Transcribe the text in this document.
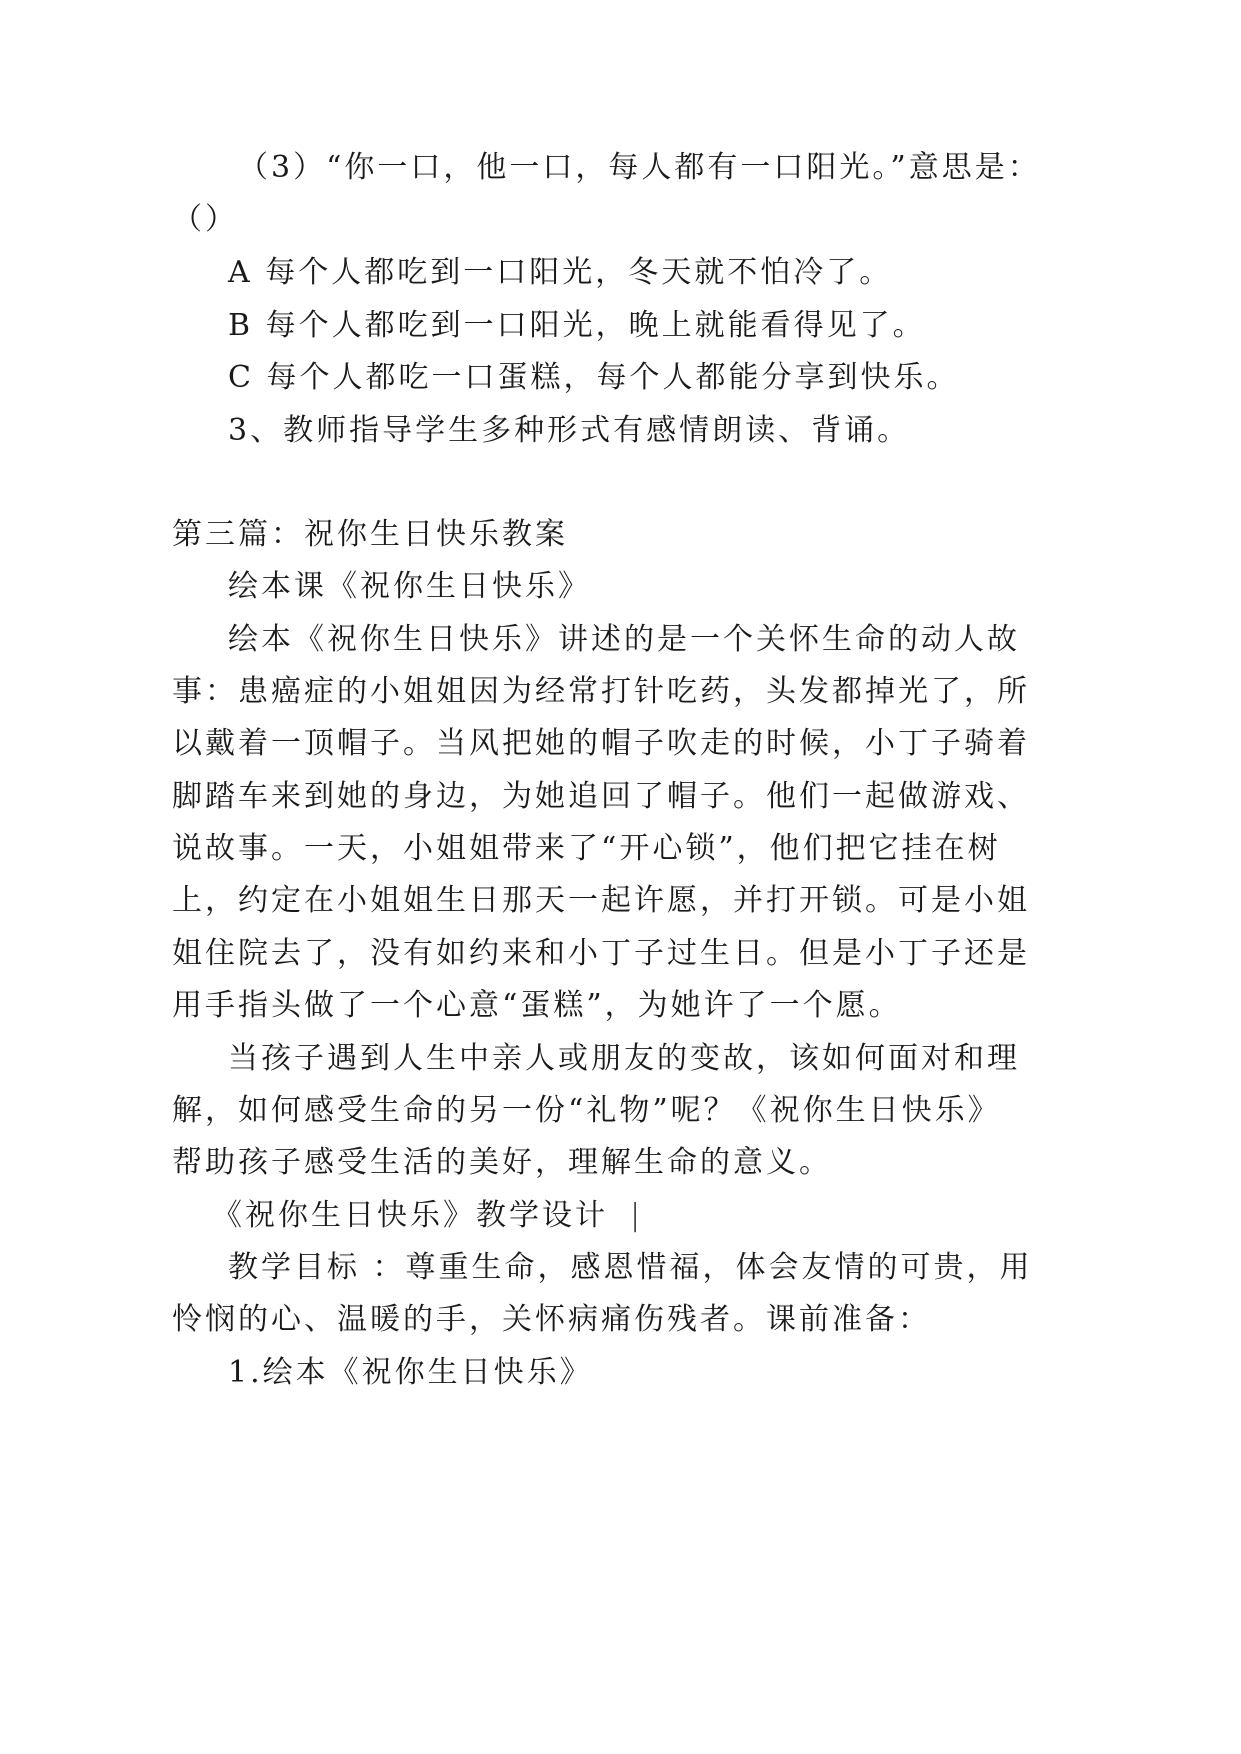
（3）“你一口，他一口，每人都有一口阳光。”意思是：
（）
A 每个人都吃到一口阳光，冬天就不怕冷了。
B 每个人都吃到一口阳光，晚上就能看得见了。
C 每个人都吃一口蛋糕，每个人都能分享到快乐。
3、教师指导学生多种形式有感情朗读、背诵。
第三篇：祝你生日快乐教案
绘本课《祝你生日快乐》
绘本《祝你生日快乐》讲述的是一个关怀生命的动人故
事：患癌症的小姐姐因为经常打针吃药，头发都掉光了，所
以戴着一顶帽子。当风把她的帽子吹走的时候，小丁子骑着
脚踏车来到她的身边，为她追回了帽子。他们一起做游戏、
说故事。一天，小姐姐带来了“开心锁”，他们把它挂在树
上，约定在小姐姐生日那天一起许愿，并打开锁。可是小姐
姐住院去了，没有如约来和小丁子过生日。但是小丁子还是
用手指头做了一个心意“蛋糕”，为她许了一个愿。
当孩子遇到人生中亲人或朋友的变故，该如何面对和理
解，如何感受生命的另一份“礼物”呢？《祝你生日快乐》
帮助孩子感受生活的美好，理解生命的意义。
《祝你生日快乐》教学设计 |
教学目标 ：尊重生命，感恩惜福，体会友情的可贵，用
怜悯的心、温暖的手，关怀病痛伤残者。课前准备：
1.绘本《祝你生日快乐》
